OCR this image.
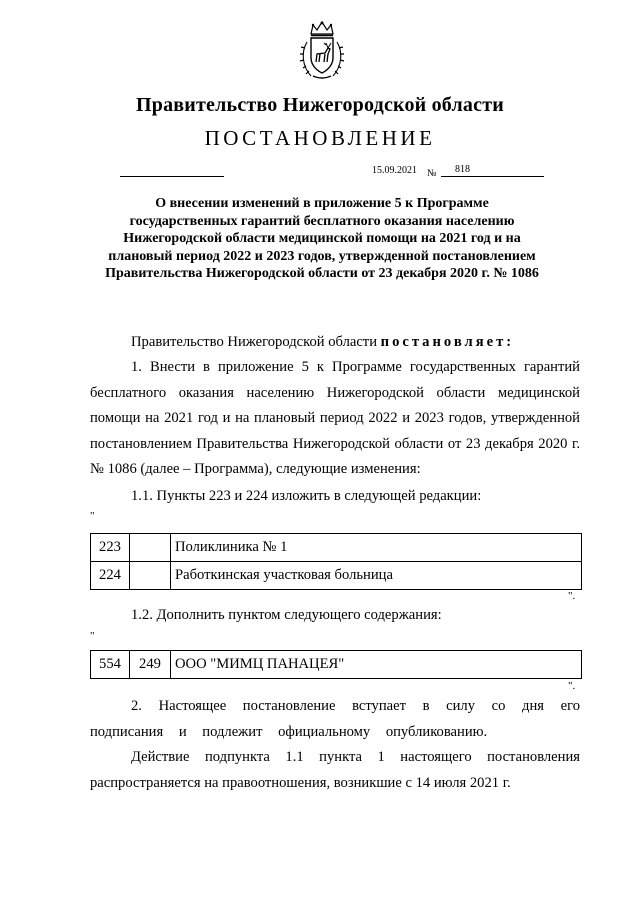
Правительство Нижегородской области
ПОСТАНОВЛЕНИЕ
15.09.2021 № 818
О внесении изменений в приложение 5 к Программе государственных гарантий бесплатного оказания населению Нижегородской области медицинской помощи на 2021 год и на плановый период 2022 и 2023 годов, утвержденной постановлением Правительства Нижегородской области от 23 декабря 2020 г. № 1086
Правительство Нижегородской области постановляет:
1. Внести в приложение 5 к Программе государственных гарантий бесплатного оказания населению Нижегородской области медицинской помощи на 2021 год и на плановый период 2022 и 2023 годов, утвержденной постановлением Правительства Нижегородской области от 23 декабря 2020 г. № 1086 (далее – Программа), следующие изменения:
1.1. Пункты 223 и 224 изложить в следующей редакции:
"
223		Поликлиника № 1
224		Работкинская участковая больница
".
1.2. Дополнить пунктом следующего содержания:
"
554	249	ООО "МИМЦ ПАНАЦЕЯ"
".
2. Настоящее постановление вступает в силу со дня его подписания и подлежит официальному опубликованию.
Действие подпункта 1.1 пункта 1 настоящего постановления распространяется на правоотношения, возникшие с 14 июля 2021 г.
